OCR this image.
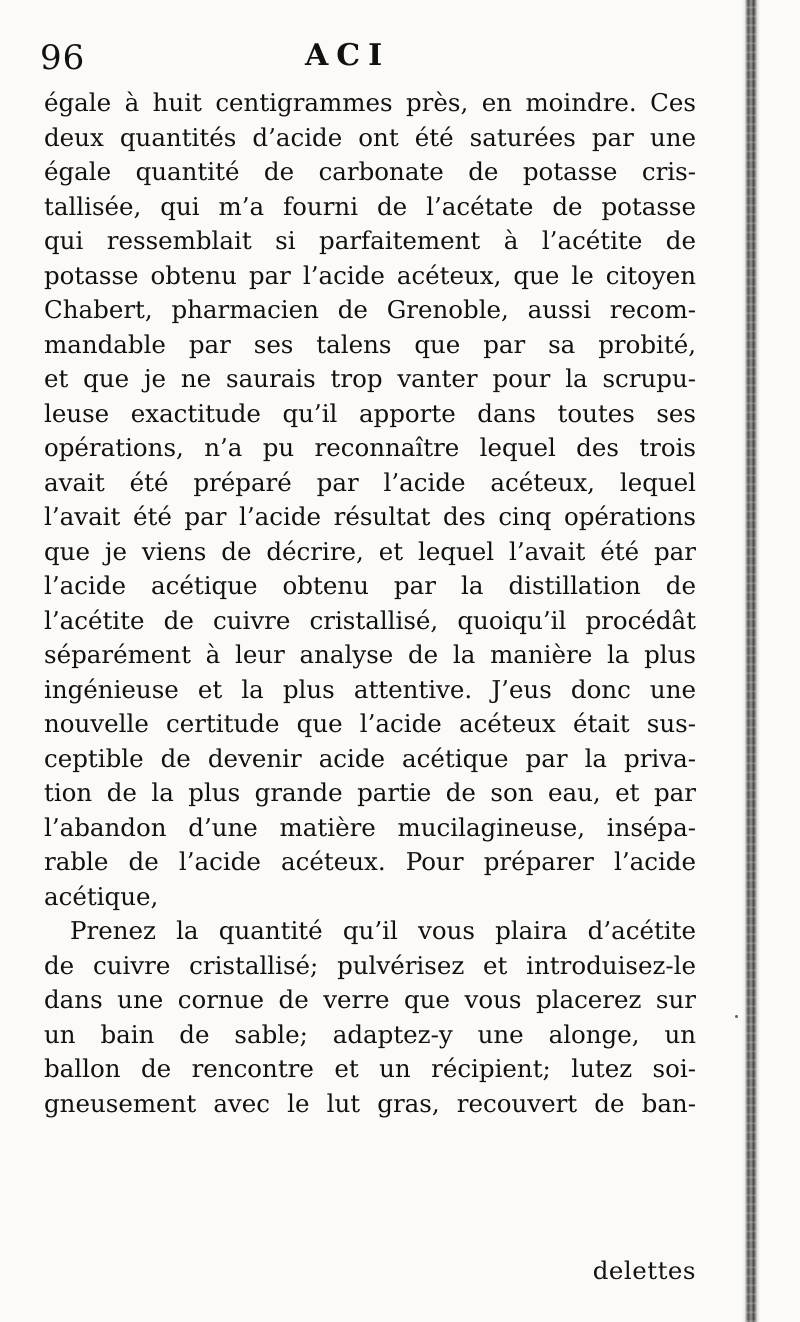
96	ACI
égale à huit centigrammes près, en moindre. Ces
deux quantités d’acide ont été saturées par une
égale quantité de carbonate de potasse cris-
tallisée, qui m’a fourni de l’acétate de potasse
qui ressemblait si parfaitement à l’acétite de
potasse obtenu par l’acide acéteux, que le citoyen
Chabert, pharmacien de Grenoble, aussi recom-
mandable par ses talens que par sa probité,
et que je ne saurais trop vanter pour la scrupu-
leuse exactitude qu’il apporte dans toutes ses
opérations, n’a pu reconnaître lequel des trois
avait été préparé par l’acide acéteux, lequel
l’avait été par l’acide résultat des cinq opérations
que je viens de décrire, et lequel l’avait été par
l’acide acétique obtenu par la distillation de
l’acétite de cuivre cristallisé, quoiqu’il procédât
séparément à leur analyse de la manière la plus
ingénieuse et la plus attentive. J’eus donc une
nouvelle certitude que l’acide acéteux était sus-
ceptible de devenir acide acétique par la priva-
tion de la plus grande partie de son eau, et par
l’abandon d’une matière mucilagineuse, insépa-
rable de l’acide acéteux. Pour préparer l’acide
acétique,
Prenez la quantité qu’il vous plaira d’acétite
de cuivre cristallisé; pulvérisez et introduisez-le
dans une cornue de verre que vous placerez sur
un bain de sable; adaptez-y une alonge, un
ballon de rencontre et un récipient; lutez soi-
gneusement avec le lut gras, recouvert de ban-
delettes
